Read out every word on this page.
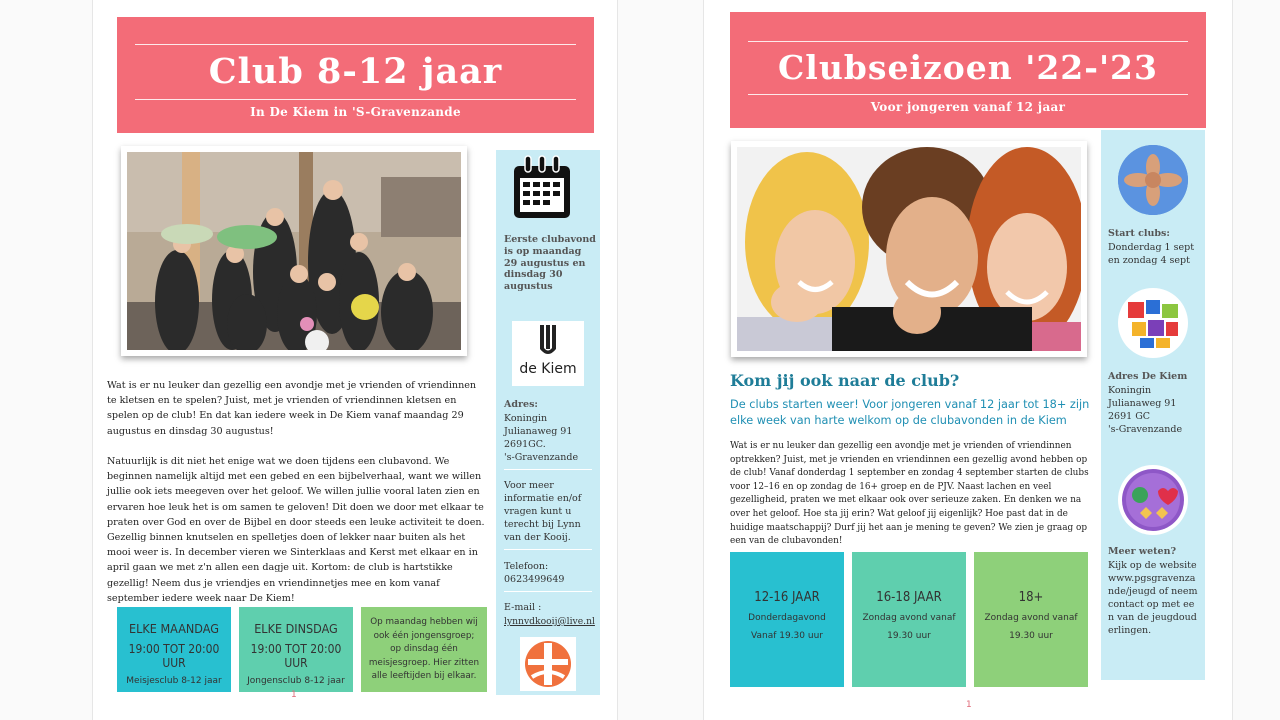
Club 8-12 jaar
In De Kiem in 'S-Gravenzande
Eerste clubavond is op maandag 29 augustus en dinsdag 30 augustus
de Kiem
Adres:
Koningin
Julianaweg 91
2691GC.
's-Gravenzande
Voor meer informatie en/of vragen kunt u terecht bij Lynn van der Kooij.
Telefoon:
0623499649
E-mail :
lynnvdkooij@live.nl
Wat is er nu leuker dan gezellig een avondje met je vrienden of vriendinnen te kletsen en te spelen? Juist, met je vrienden of vriendinnen kletsen en spelen op de club! En dat kan iedere week in De Kiem vanaf maandag 29 augustus en dinsdag 30 augustus!
Natuurlijk is dit niet het enige wat we doen tijdens een clubavond. We beginnen namelijk altijd met een gebed en een bijbelverhaal, want we willen jullie ook iets meegeven over het geloof. We willen jullie vooral laten zien en ervaren hoe leuk het is om samen te geloven! Dit doen we door met elkaar te praten over God en over de Bijbel en door steeds een leuke activiteit te doen. Gezellig binnen knutselen en spelletjes doen of lekker naar buiten als het mooi weer is. In december vieren we Sinterklaas and Kerst met elkaar en in april gaan we met z'n allen een dagje uit. Kortom: de club is hartstikke gezellig! Neem dus je vriendjes en vriendinnetjes mee en kom vanaf september iedere week naar De Kiem!
ELKE MAANDAG
19:00 TOT 20:00 UUR
Meisjesclub 8-12 jaar
ELKE DINSDAG
19:00 TOT 20:00 UUR
Jongensclub 8-12 jaar
Op maandag hebben wij ook één jongensgroep; op dinsdag één meisjesgroep. Hier zitten alle leeftijden bij elkaar.
1
Clubseizoen '22-'23
Voor jongeren vanaf 12 jaar
Kom jij ook naar de club?
De clubs starten weer! Voor jongeren vanaf 12 jaar tot 18+ zijn elke week van harte welkom op de clubavonden in de Kiem
Wat is er nu leuker dan gezellig een avondje met je vrienden of vriendinnen optrekken? Juist, met je vrienden en vriendinnen een gezellig avond hebben op de club! Vanaf donderdag 1 september en zondag 4 september starten de clubs voor 12–16 en op zondag de 16+ groep en de PJV. Naast lachen en veel gezelligheid, praten we met elkaar ook over serieuze zaken. En denken we na over het geloof. Hoe sta jij erin? Wat geloof jij eigenlijk? Hoe past dat in de huidige maatschappij? Durf jij het aan je mening te geven? We zien je graag op een van de clubavonden!
12-16 JAAR
Donderdagavond
Vanaf 19.30 uur
16-18 JAAR
Zondag avond vanaf
19.30 uur
18+
Zondag avond vanaf
19.30 uur
Start clubs:
Donderdag 1 sept en zondag 4 sept
Adres De Kiem
Koningin
Julianaweg 91
2691 GC
's-Gravenzande
Meer weten?
Kijk op de website www.pgsgravenzande/jeugd of neem contact op met een van de jeugdouderlingen.
1
